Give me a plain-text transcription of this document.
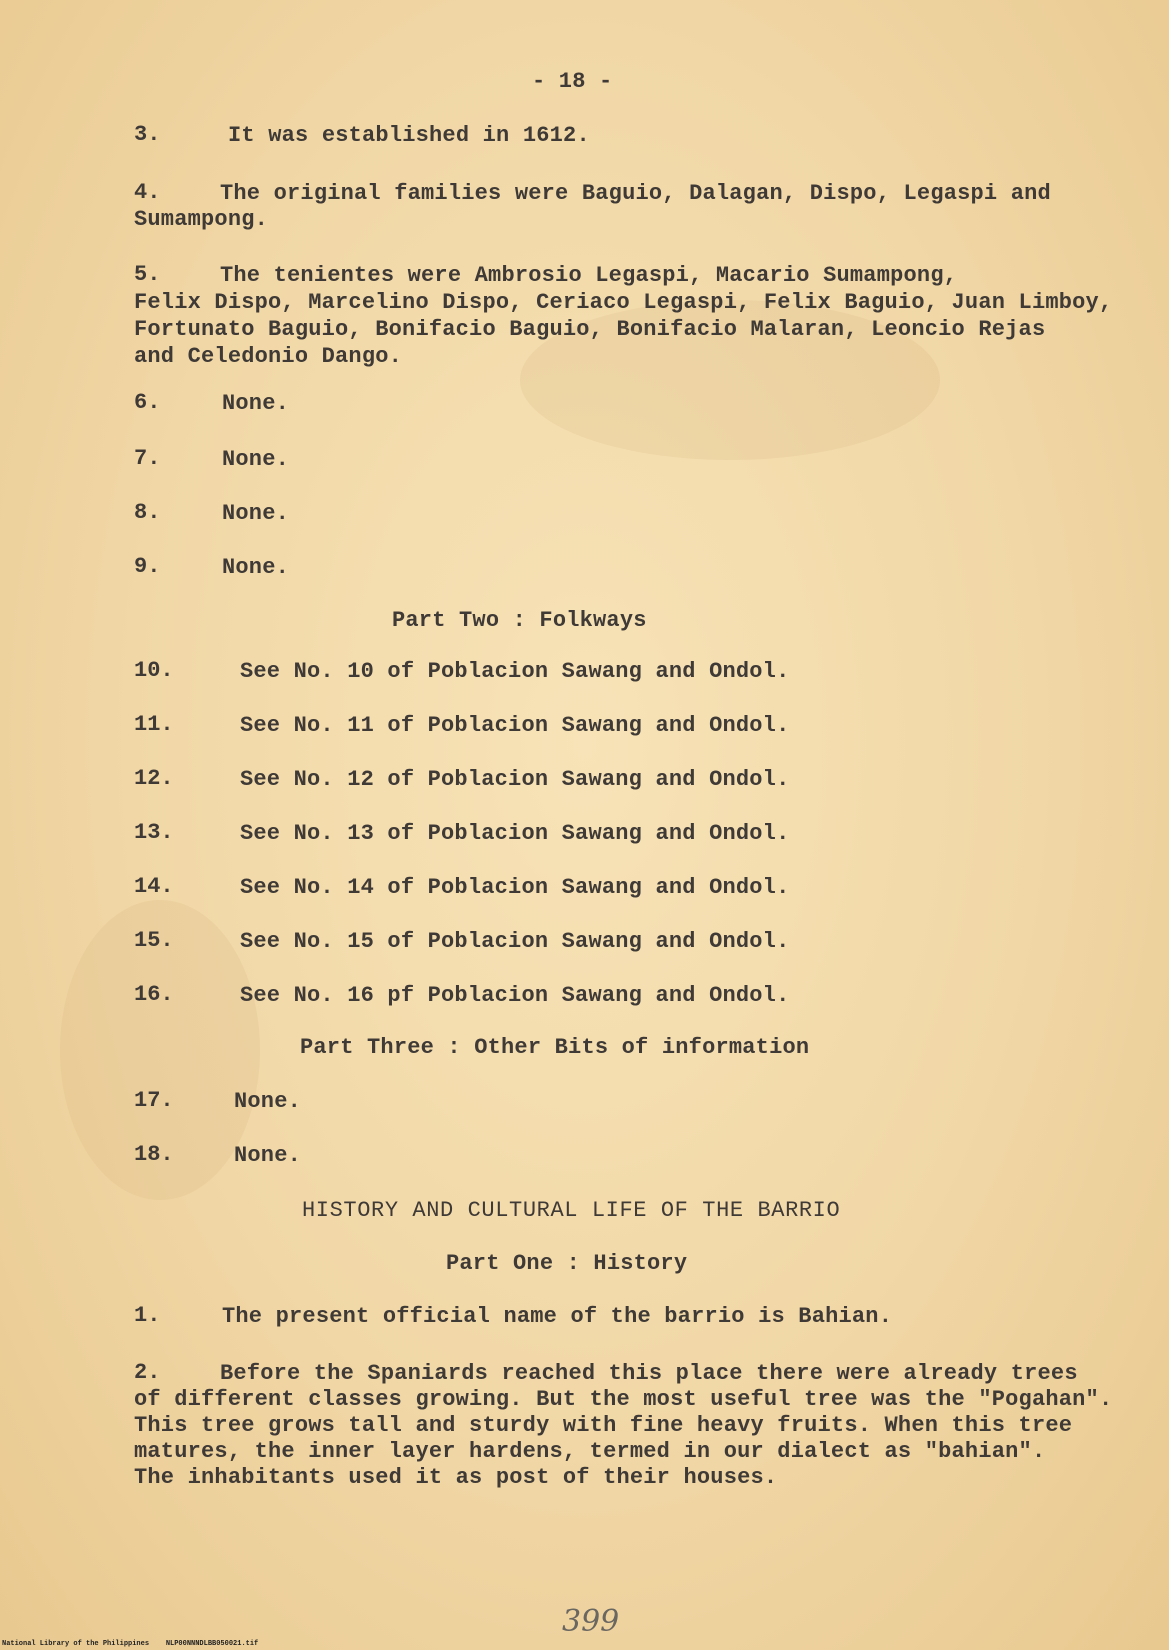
- 18 -
3.	It was established in 1612.
4.	The original families were Baguio, Dalagan, Dispo, Legaspi and
Sumampong.
5.	The tenientes were Ambrosio Legaspi, Macario Sumampong,
Felix Dispo, Marcelino Dispo, Ceriaco Legaspi, Felix Baguio, Juan Limboy,
Fortunato Baguio, Bonifacio Baguio, Bonifacio Malaran, Leoncio Rejas
and Celedonio Dango.
6.	None.
7.	None.
8.	None.
9.	None.
Part Two : Folkways
10.	See No. 10 of Poblacion Sawang and Ondol.
11.	See No. 11 of Poblacion Sawang and Ondol.
12.	See No. 12 of Poblacion Sawang and Ondol.
13.	See No. 13 of Poblacion Sawang and Ondol.
14.	See No. 14 of Poblacion Sawang and Ondol.
15.	See No. 15 of Poblacion Sawang and Ondol.
16.	See No. 16 pf Poblacion Sawang and Ondol.
Part Three : Other Bits of information
17.	None.
18.	None.
HISTORY AND CULTURAL LIFE OF THE BARRIO
Part One : History
1.	The present official name of the barrio is Bahian.
2.	Before the Spaniards reached this place there were already trees
of different classes growing. But the most useful tree was the "Pogahan".
This tree grows tall and sturdy with fine heavy fruits. When this tree
matures, the inner layer hardens, termed in our dialect as "bahian".
The inhabitants used it as post of their houses.
399
National Library of the Philippines    NLP00NNNDLBB050021.tif
